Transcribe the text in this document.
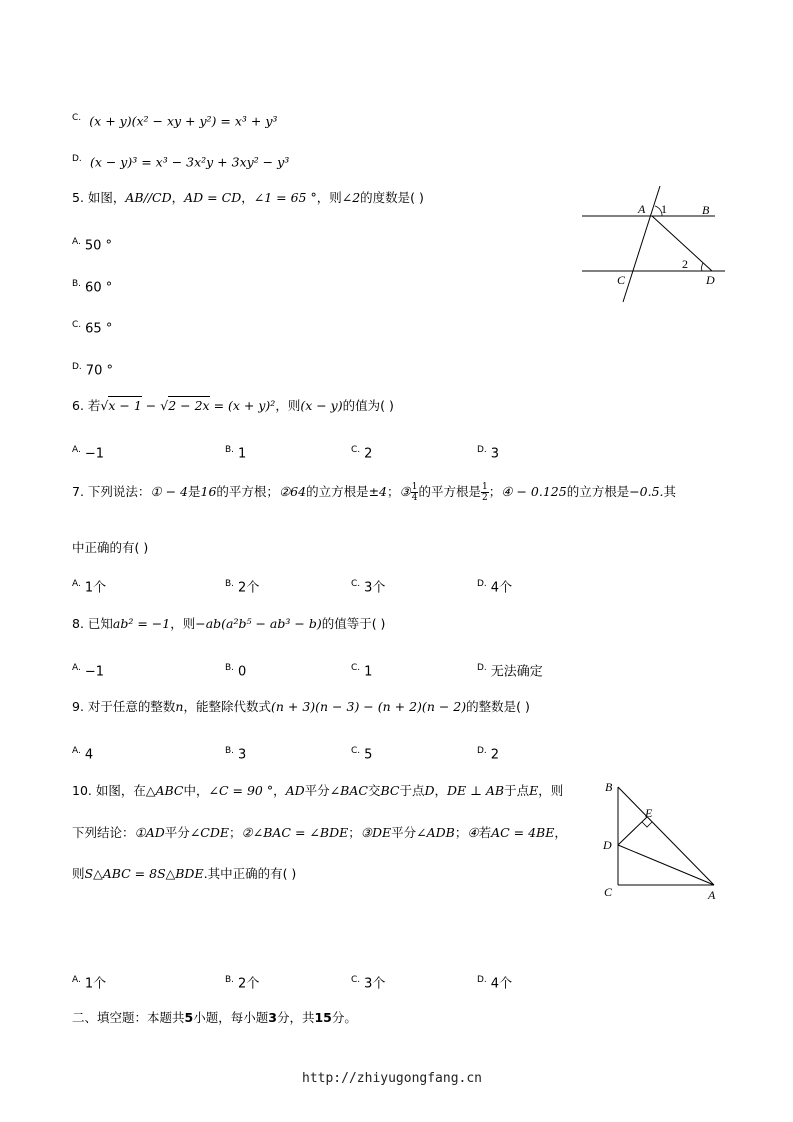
$^{C.}$ (x + y)(x² − xy + y²) = x³ + y³
$^{D.}$ (x − y)³ = x³ − 3x²y + 3xy² − y³
5. 如图，AB//CD，AD = CD，∠1 = 65 °，则∠2的度数是( )
$^{A.}$ 50 °
$^{B.}$ 60 °
$^{C.}$ 65 °
$^{D.}$ 70 °
A 1	B
2
C	D
6. 若√x − 1 − √2 − 2x = (x + y)²，则(x − y)的值为( )
$^{A.}$ −1	$^{B.}$ 1	$^{C.}$ 2	$^{D.}$ 3
7. 下列说法：① − 4是16的平方根；②64的立方根是±4；③ $\frac{1}{4}$ 的平方根是 $\frac{1}{2}$ ；④ − 0.125的立方根是−0.5.其
中正确的有( )
$^{A.}$ 1个	$^{B.}$ 2个	$^{C.}$ 3个	$^{D.}$ 4个
8. 已知ab² = −1，则−ab(a²b⁵ − ab³ − b)的值等于( )
$^{A.}$ −1	$^{B.}$ 0	$^{C.}$ 1	$^{D.}$ 无法确定
9. 对于任意的整数n，能整除代数式(n + 3)(n − 3) − (n + 2)(n − 2)的整数是( )
$^{A.}$ 4	$^{B.}$ 3	$^{C.}$ 5	$^{D.}$ 2
10. 如图，在△ABC中，∠C = 90 °，AD平分∠BAC交BC于点D，DE ⊥ AB于点E，则
下列结论：①AD平分∠CDE；②∠BAC = ∠BDE；③DE平分∠ADB；④若AC = 4BE，
则S△ABC = 8S△BDE.其中正确的有( )
$^{A.}$ 1个	$^{B.}$ 2个	$^{C.}$ 3个	$^{D.}$ 4个
B
E
D
C	A
二、填空题：本题共5小题，每小题3分，共15分。
http://zhiyugongfang.cn
